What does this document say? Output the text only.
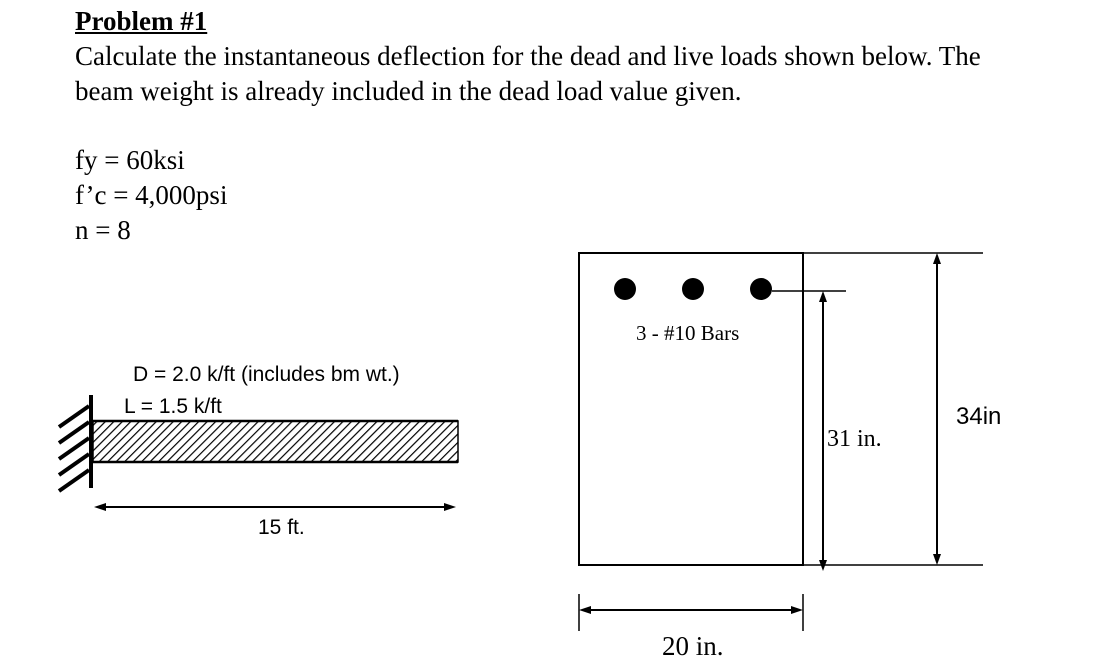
Problem #1
Calculate the instantaneous deflection for the dead and live loads shown below. The
beam weight is already included in the dead load value given.
fy = 60ksi
f’c = 4,000psi
n = 8
D = 2.0 k/ft (includes bm wt.)
L = 1.5 k/ft
15 ft.
3 - #10 Bars
31 in.
34in
20 in.
